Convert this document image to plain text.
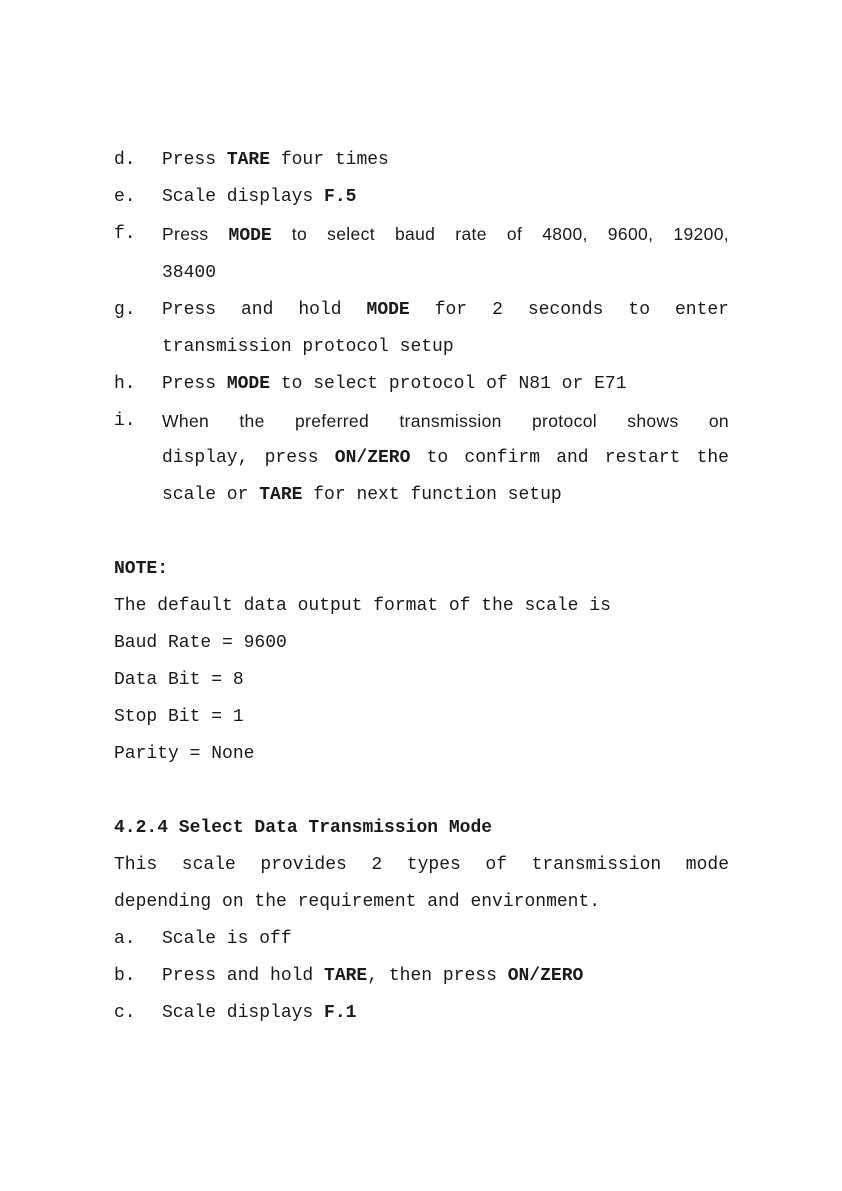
d.	Press TARE four times
e.	Scale displays F.5
f.	Press MODE to select baud rate of 4800, 9600, 19200,
38400
g.	Press and hold MODE for 2 seconds to enter
transmission protocol setup
h.	Press MODE to select protocol of N81 or E71
i.	When the preferred transmission protocol shows on
display, press ON/ZERO to confirm and restart the
scale or TARE for next function setup
NOTE:
The default data output format of the scale is
Baud Rate = 9600
Data Bit = 8
Stop Bit = 1
Parity = None
4.2.4 Select Data Transmission Mode
This scale provides 2 types of transmission mode
depending on the requirement and environment.
a.	Scale is off
b.	Press and hold TARE, then press ON/ZERO
c.	Scale displays F.1
